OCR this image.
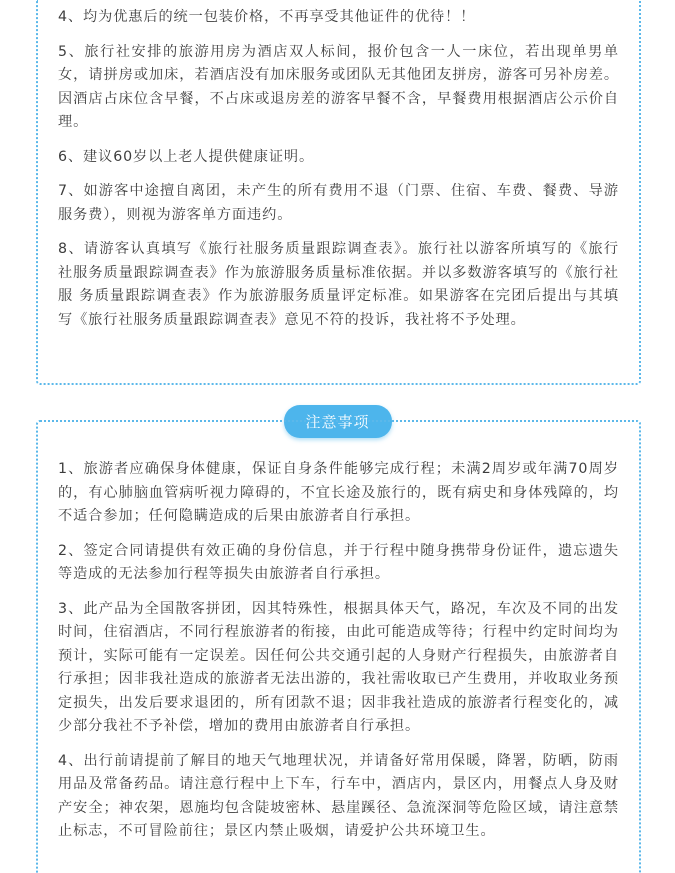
4、均为优惠后的统一包装价格，不再享受其他证件的优待！！

5、旅行社安排的旅游用房为酒店双人标间，报价包含一人一床位，若出现单男单女，请拼房或加床，若酒店没有加床服务或团队无其他团友拼房，游客可另补房差。因酒店占床位含早餐，不占床或退房差的游客早餐不含，早餐费用根据酒店公示价自理。

6、建议60岁以上老人提供健康证明。

7、如游客中途擅自离团，未产生的所有费用不退（门票、住宿、车费、餐费、导游服务费），则视为游客单方面违约。

8、请游客认真填写《旅行社服务质量跟踪调查表》。旅行社以游客所填写的《旅行社服务质量跟踪调查表》作为旅游服务质量标准依据。并以多数游客填写的《旅行社服 务质量跟踪调查表》作为旅游服务质量评定标准。如果游客在完团后提出与其填写《旅行社服务质量跟踪调查表》意见不符的投诉，我社将不予处理。

注意事项

1、旅游者应确保身体健康，保证自身条件能够完成行程；未满2周岁或年满70周岁的，有心肺脑血管病听视力障碍的，不宜长途及旅行的，既有病史和身体残障的，均不适合参加；任何隐瞒造成的后果由旅游者自行承担。

2、签定合同请提供有效正确的身份信息，并于行程中随身携带身份证件，遗忘遗失等造成的无法参加行程等损失由旅游者自行承担。

3、此产品为全国散客拼团，因其特殊性，根据具体天气，路况，车次及不同的出发时间，住宿酒店，不同行程旅游者的衔接，由此可能造成等待；行程中约定时间均为预计，实际可能有一定误差。因任何公共交通引起的人身财产行程损失，由旅游者自行承担；因非我社造成的旅游者无法出游的，我社需收取已产生费用，并收取业务预定损失，出发后要求退团的，所有团款不退；因非我社造成的旅游者行程变化的，减少部分我社不予补偿，增加的费用由旅游者自行承担。

4、出行前请提前了解目的地天气地理状况，并请备好常用保暖，降署，防晒，防雨用品及常备药品。请注意行程中上下车，行车中，酒店内，景区内，用餐点人身及财产安全；神农架，恩施均包含陡坡密林、悬崖蹊径、急流深洞等危险区域，请注意禁止标志，不可冒险前往；景区内禁止吸烟，请爱护公共环境卫生。
